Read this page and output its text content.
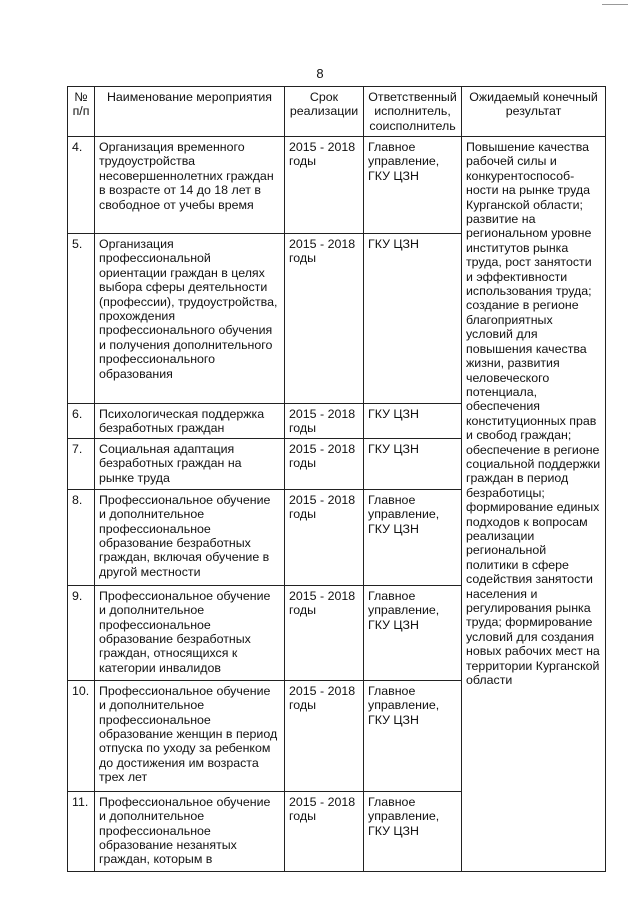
8
№ п/п	Наименование мероприятия	Срок реализации	Ответственный исполнитель, соисполнитель	Ожидаемый конечный результат
4.	Организация временного трудоустройства несовершеннолетних граждан в возрасте от 14 до 18 лет в свободное от учебы время	2015 - 2018 годы	Главное управление, ГКУ ЦЗН	Повышение качества рабочей силы и конкурентоспособ-ности на рынке труда Курганской области; развитие на региональном уровне институтов рынка труда, рост занятости и эффективности использования труда; создание в регионе благоприятных условий для повышения качества жизни, развития человеческого потенциала, обеспечения конституционных прав и свобод граждан; обеспечение в регионе социальной поддержки граждан в период безработицы; формирование единых подходов к вопросам реализации региональной политики в сфере содействия занятости населения и регулирования рынка труда; формирование условий для создания новых рабочих мест на территории Курганской области
5.	Организация профессиональной ориентации граждан в целях выбора сферы деятельности (профессии), трудоустройства, прохождения профессионального обучения и получения дополнительного профессионального образования	2015 - 2018 годы	ГКУ ЦЗН	
6.	Психологическая поддержка безработных граждан	2015 - 2018 годы	ГКУ ЦЗН	
7.	Социальная адаптация безработных граждан на рынке труда	2015 - 2018 годы	ГКУ ЦЗН	
8.	Профессиональное обучение и дополнительное профессиональное образование безработных граждан, включая обучение в другой местности	2015 - 2018 годы	Главное управление, ГКУ ЦЗН	
9.	Профессиональное обучение и дополнительное профессиональное образование безработных граждан, относящихся к категории инвалидов	2015 - 2018 годы	Главное управление, ГКУ ЦЗН	
10.	Профессиональное обучение и дополнительное профессиональное образование женщин в период отпуска по уходу за ребенком до достижения им возраста трех лет	2015 - 2018 годы	Главное управление, ГКУ ЦЗН	
11.	Профессиональное обучение и дополнительное профессиональное образование незанятых граждан, которым в	2015 - 2018 годы	Главное управление, ГКУ ЦЗН	
